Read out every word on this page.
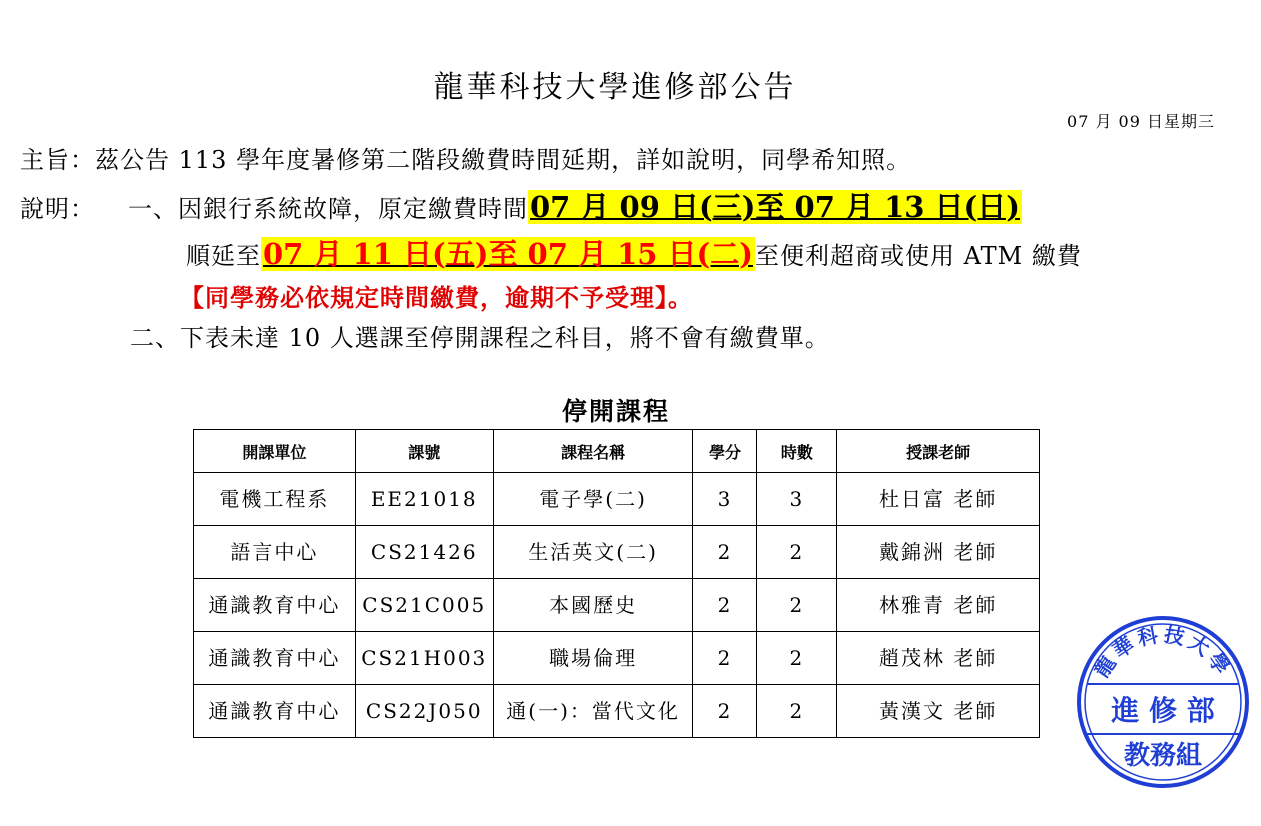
龍華科技大學進修部公告
07 月 09 日星期三
主旨：茲公告 113 學年度暑修第二階段繳費時間延期，詳如說明，同學希知照。
說明： 一、因銀行系統故障，原定繳費時間07 月 09 日(三)至 07 月 13 日(日)
順延至07 月 11 日(五)至 07 月 15 日(二)至便利超商或使用 ATM 繳費
【同學務必依規定時間繳費，逾期不予受理】。
二、下表未達 10 人選課至停開課程之科目，將不會有繳費單。
停開課程
開課單位	課號	課程名稱	學分	時數	授課老師
電機工程系	EE21018	電子學(二)	3	3	杜日富 老師
語言中心	CS21426	生活英文(二)	2	2	戴錦洲 老師
通識教育中心	CS21C005	本國歷史	2	2	林雅青 老師
通識教育中心	CS21H003	職場倫理	2	2	趙茂林 老師
通識教育中心	CS22J050	通(一)：當代文化	2	2	黃漢文 老師
龍華科技大學
進 修 部
教務組
